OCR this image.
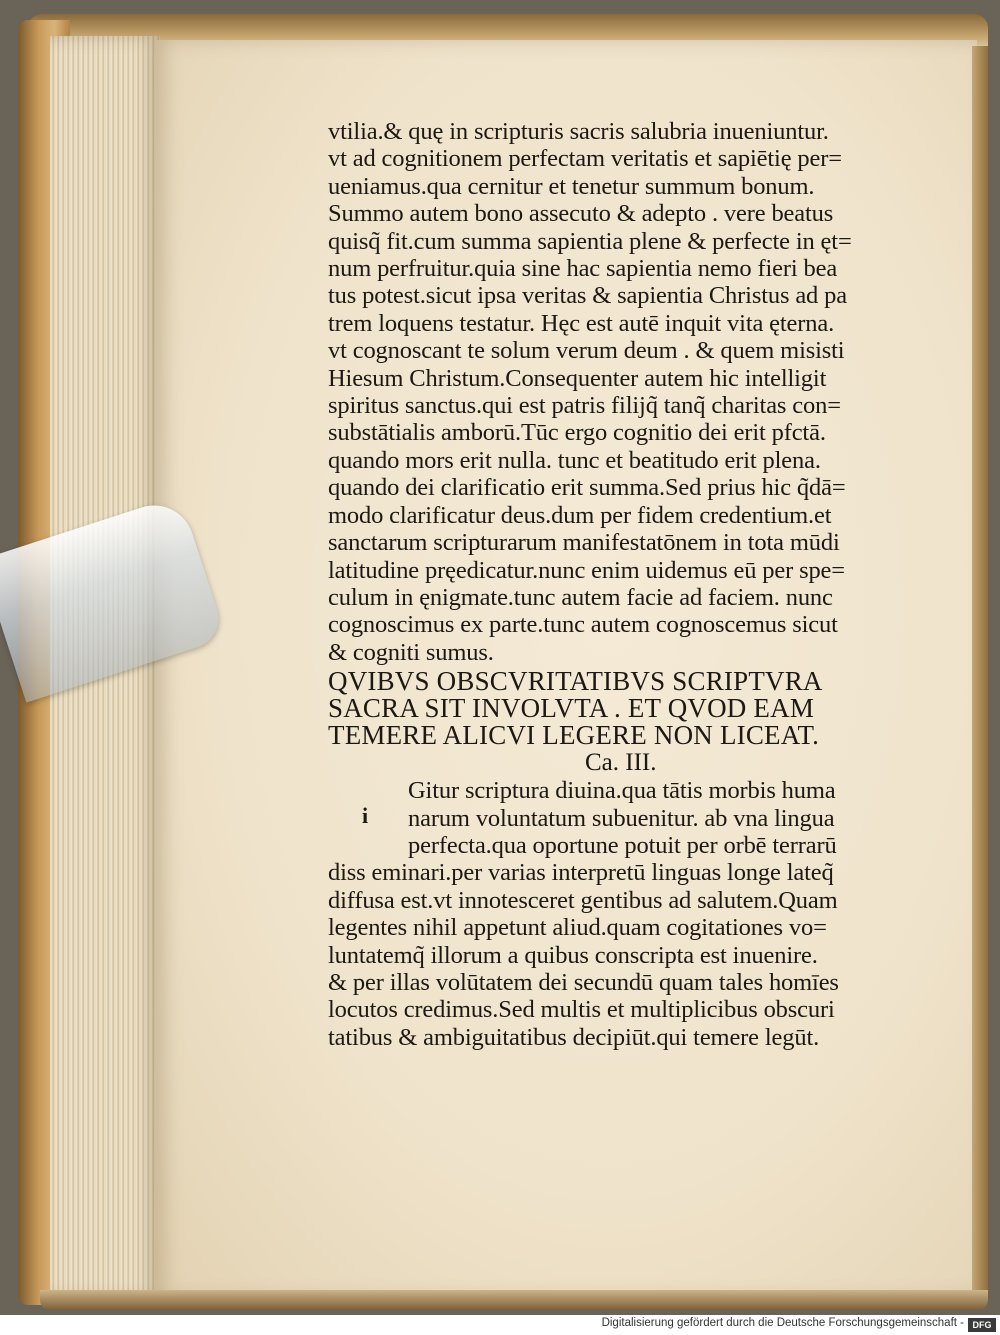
vtilia.& quę in scripturis sacris salubria inueniuntur.
vt ad cognitionem perfectam veritatis et sapiētię per=
ueniamus.qua cernitur et tenetur summum bonum.
Summo autem bono assecuto & adepto . vere beatus
quisq̃ fit.cum summa sapientia plene & perfecte in ęt=
num perfruitur.quia sine hac sapientia nemo fieri bea
tus potest.sicut ipsa veritas & sapientia Christus ad pa
trem loquens testatur. Hęc est autē inquit vita ęterna.
vt cognoscant te solum verum deum . & quem misisti
Hiesum Christum.Consequenter autem hic intelligit
spiritus sanctus.qui est patris filijq̃ tanq̃ charitas con=
substātialis amborū.Tūc ergo cognitio dei erit pfctā.
quando mors erit nulla. tunc et beatitudo erit plena.
quando dei clarificatio erit summa.Sed prius hic q̃dā=
modo clarificatur deus.dum per fidem credentium.et
sanctarum scripturarum manifestatōnem in tota mūdi
latitudine pręedicatur.nunc enim uidemus eū per spe=
culum in ęnigmate.tunc autem facie ad faciem. nunc
cognoscimus ex parte.tunc autem cognoscemus sicut
& cogniti sumus.
QVIBVS OBSCVRITATIBVS SCRIPTVRA
SACRA SIT INVOLVTA . ET QVOD EAM
TEMERE ALICVI LEGERE NON LICEAT.
Ca. III.
i
Gitur scriptura diuina.qua tātis morbis huma
narum voluntatum subuenitur. ab vna lingua
perfecta.qua oportune potuit per orbē terrarū
diss eminari.per varias interpretū linguas longe lateq̃
diffusa est.vt innotesceret gentibus ad salutem.Quam
legentes nihil appetunt aliud.quam cogitationes vo=
luntatemq̃ illorum a quibus conscripta est inuenire.
& per illas volūtatem dei secundū quam tales homīes
locutos credimus.Sed multis et multiplicibus obscuri
tatibus & ambiguitatibus decipiūt.qui temere legūt.
Digitalisierung gefördert durch die Deutsche Forschungsgemeinschaft - DFG
